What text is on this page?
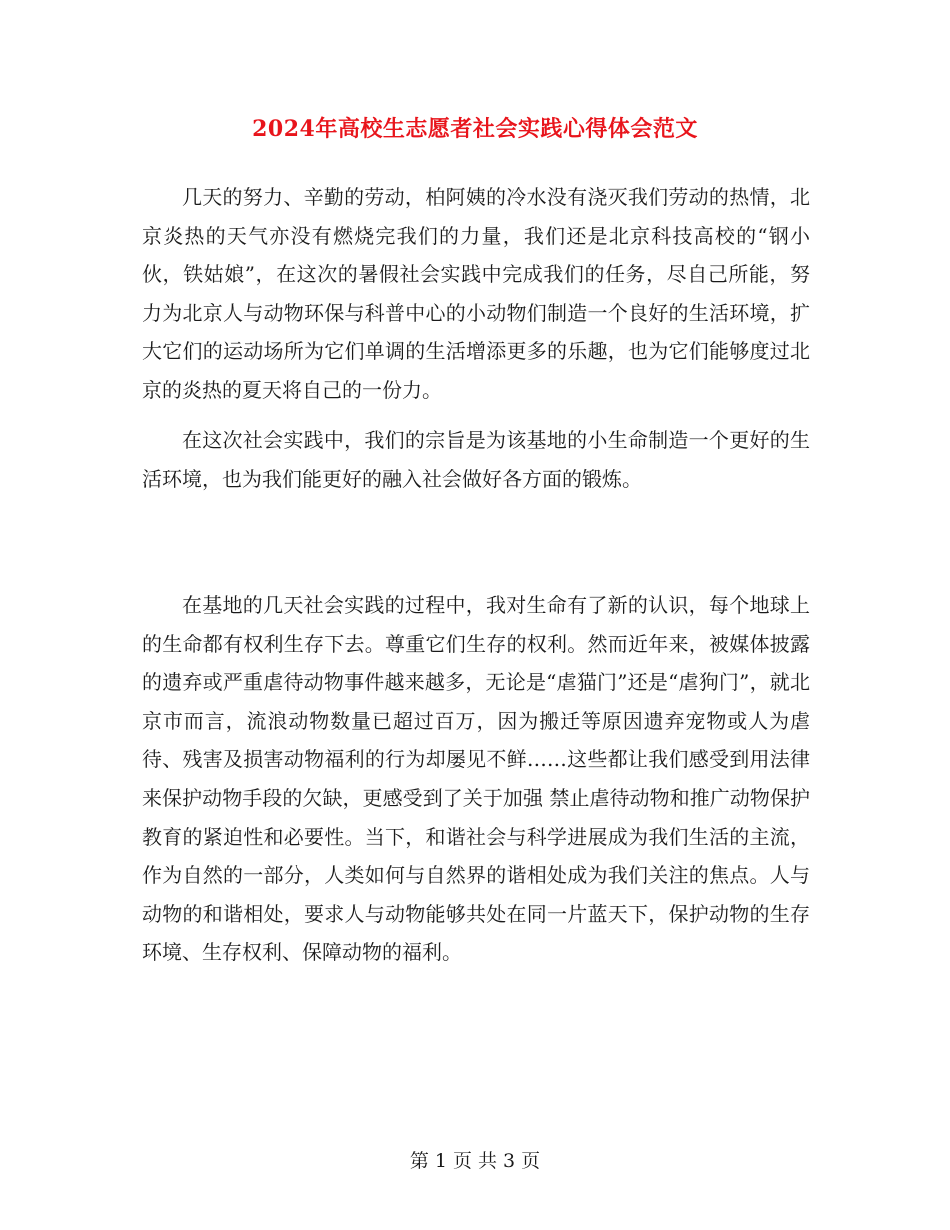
2024年高校生志愿者社会实践心得体会范文

几天的努力、辛勤的劳动，柏阿姨的冷水没有浇灭我们劳动的热情，北京炎热的天气亦没有燃烧完我们的力量，我们还是北京科技高校的“钢小伙，铁姑娘”，在这次的暑假社会实践中完成我们的任务，尽自己所能，努力为北京人与动物环保与科普中心的小动物们制造一个良好的生活环境，扩大它们的运动场所为它们单调的生活增添更多的乐趣，也为它们能够度过北京的炎热的夏天将自己的一份力。

在这次社会实践中，我们的宗旨是为该基地的小生命制造一个更好的生活环境，也为我们能更好的融入社会做好各方面的锻炼。

在基地的几天社会实践的过程中，我对生命有了新的认识，每个地球上的生命都有权利生存下去。尊重它们生存的权利。然而近年来，被媒体披露的遗弃或严重虐待动物事件越来越多，无论是“虐猫门”还是“虐狗门”，就北京市而言，流浪动物数量已超过百万，因为搬迁等原因遗弃宠物或人为虐待、残害及损害动物福利的行为却屡见不鲜……这些都让我们感受到用法律来保护动物手段的欠缺，更感受到了关于加强 禁止虐待动物和推广动物保护教育的紧迫性和必要性。当下，和谐社会与科学进展成为我们生活的主流，作为自然的一部分，人类如何与自然界的谐相处成为我们关注的焦点。人与动物的和谐相处，要求人与动物能够共处在同一片蓝天下，保护动物的生存环境、生存权利、保障动物的福利。

第 1 页 共 3 页
